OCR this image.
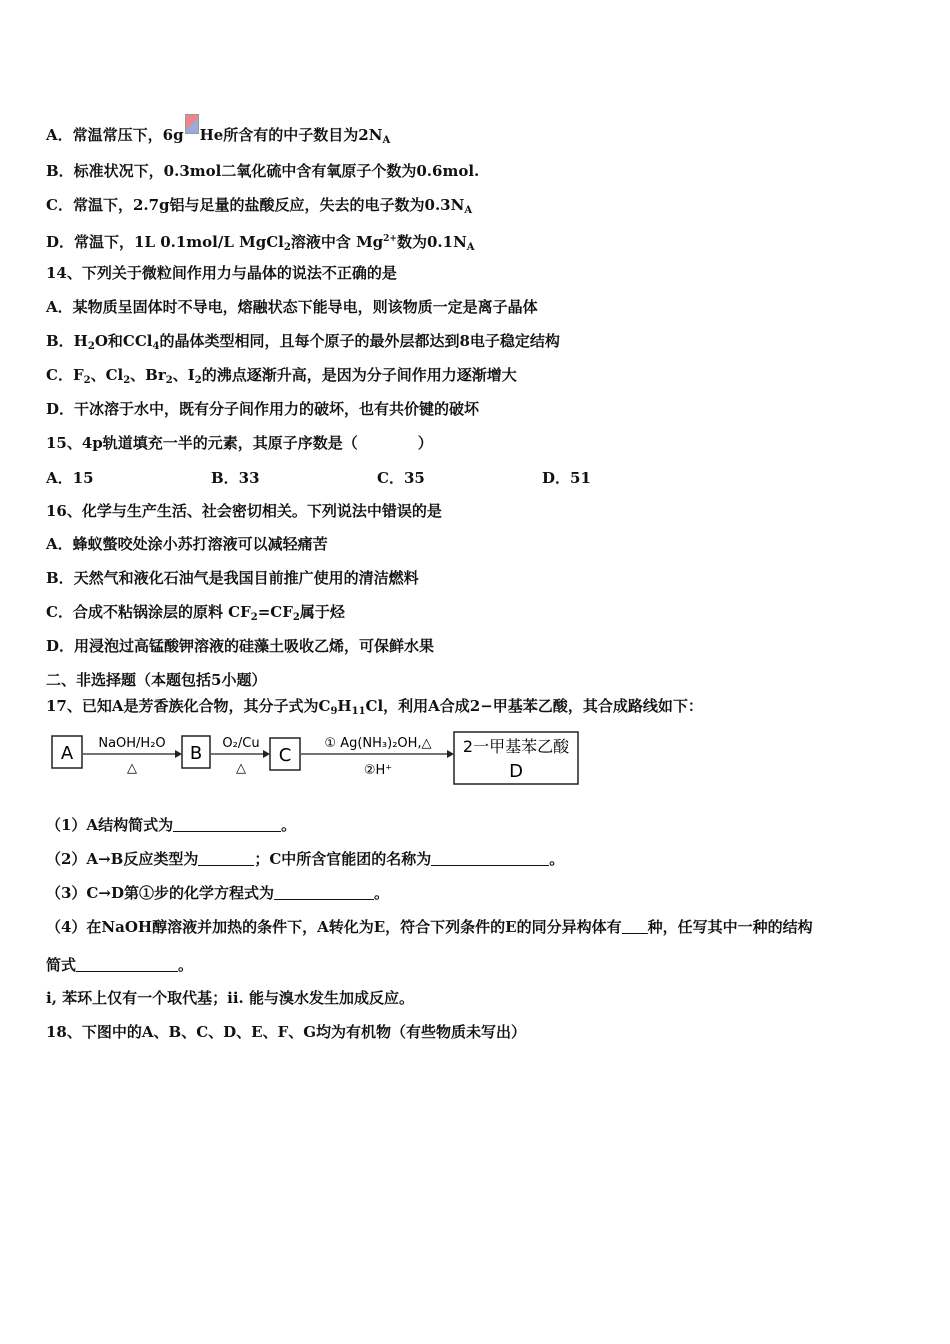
A．常温常压下，6g He所含有的中子数目为$2N_A$
B．标准状况下，0.3mol二氧化硫中含有氧原子个数为0.6mol.
C．常温下，2.7g铝与足量的盐酸反应，失去的电子数为$0.3N_A$
D．常温下，1L 0.1mol/L MgCl$_2$溶液中含 $Mg^{2+}$数为$0.1N_A$
14、下列关于微粒间作用力与晶体的说法不正确的是
A．某物质呈固体时不导电，熔融状态下能导电，则该物质一定是离子晶体
B．$H_2O$和CCl$_4$的晶体类型相同，且每个原子的最外层都达到8电子稳定结构
C．$F_2$、$Cl_2$、$Br_2$、$I_2$的沸点逐渐升高，是因为分子间作用力逐渐增大
D．干冰溶于水中，既有分子间作用力的破坏，也有共价键的破坏
15、4p轨道填充一半的元素，其原子序数是（　　　　）
A．15	B．33	C．35	D．51
16、化学与生产生活、社会密切相关。下列说法中错误的是
A．蜂蚁螫咬处涂小苏打溶液可以减轻痛苦
B．天然气和液化石油气是我国目前推广使用的清洁燃料
C．合成不粘锅涂层的原料 $CF_2=CF_2$属于烃
D．用浸泡过高锰酸钾溶液的硅藻土吸收乙烯，可保鲜水果
二、非选择题（本题包括5小题）
17、已知A是芳香族化合物，其分子式为$C_9H_{11}Cl$，利用A合成2−甲基苯乙酸，其合成路线如下：
A NaOH/H₂O
△
B O₂/Cu
△
C
① Ag(NH₃)₂OH,△
②H⁺
2一甲基苯乙酸
D
（1）A结构简式为	。
（2）A→B反应类型为	；C中所含官能团的名称为	。
（3）C→D第①步的化学方程式为	。
（4）在NaOH醇溶液并加热的条件下，A转化为E，符合下列条件的E的同分异构体有 种，任写其中一种的结构
简式	。
i, 苯环上仅有一个取代基；ii. 能与溴水发生加成反应。
18、下图中的A、B、C、D、E、F、G均为有机物（有些物质未写出）
